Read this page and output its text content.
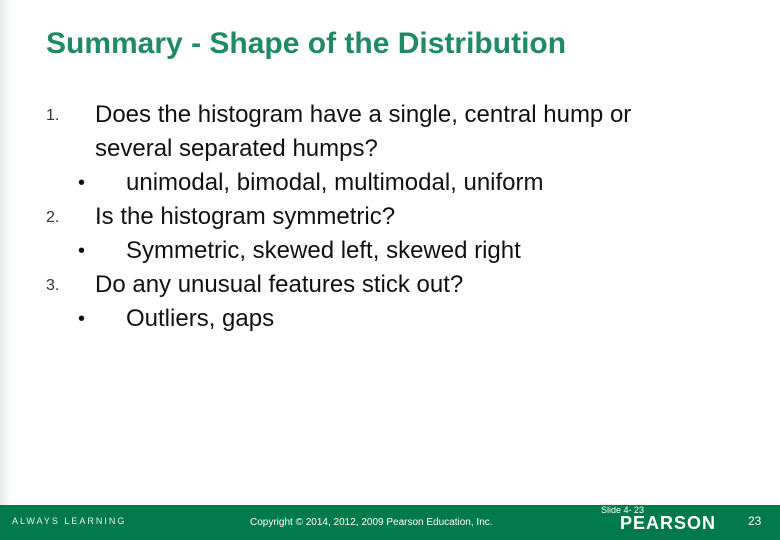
Summary - Shape of the Distribution
1. Does the histogram have a single, central hump or
several separated humps?
• unimodal, bimodal, multimodal, uniform
2. Is the histogram symmetric?
• Symmetric, skewed left, skewed right
3. Do any unusual features stick out?
• Outliers, gaps
ALWAYS LEARNING	Copyright © 2014, 2012, 2009 Pearson Education, Inc.
Slide 4- 23
PEARSON	23
